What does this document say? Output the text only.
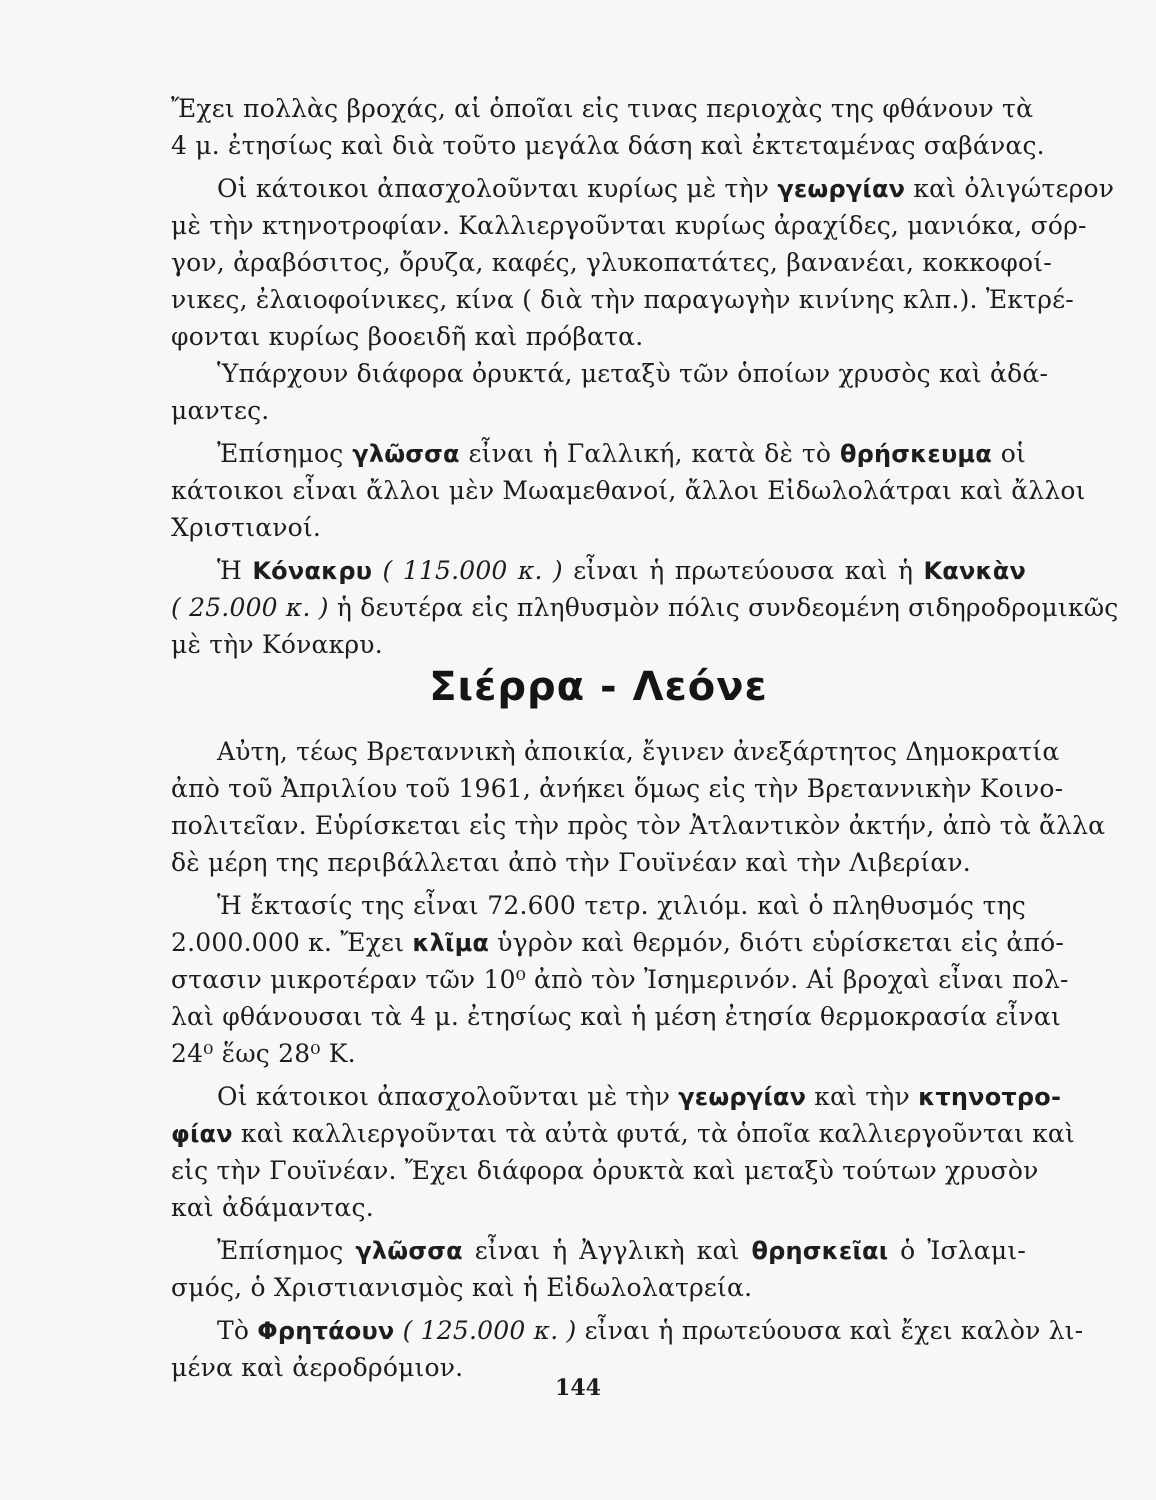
Ἔχει πολλὰς βροχάς, αἱ ὁποῖαι εἰς τινας περιοχὰς της φθάνουν τὰ
4 μ. ἐτησίως καὶ διὰ τοῦτο μεγάλα δάση καὶ ἐκτεταμένας σαβάνας.
Οἱ κάτοικοι ἀπασχολοῦνται κυρίως μὲ τὴν γεωργίαν καὶ ὀλιγώτερον
μὲ τὴν κτηνοτροφίαν. Καλλιεργοῦνται κυρίως ἀραχίδες, μανιόκα, σόρ-
γον, ἀραβόσιτος, ὄρυζα, καφές, γλυκοπατάτες, βανανέαι, κοκκοφοί-
νικες, ἐλαιοφοίνικες, κίνα ( διὰ τὴν παραγωγὴν κινίνης κλπ.). Ἐκτρέ-
φονται κυρίως βοοειδῆ καὶ πρόβατα.
Ὑπάρχουν διάφορα ὀρυκτά, μεταξὺ τῶν ὁποίων χρυσὸς καὶ ἀδά-
μαντες.
Ἐπίσημος γλῶσσα εἶναι ἡ Γαλλική, κατὰ δὲ τὸ θρήσκευμα οἱ
κάτοικοι εἶναι ἄλλοι μὲν Μωαμεθανοί, ἄλλοι Εἰδωλολάτραι καὶ ἄλλοι
Χριστιανοί.
Ἡ Κόνακρυ ( 115.000 κ. ) εἶναι ἡ πρωτεύουσα καὶ ἡ Κανκὰν
( 25.000 κ. ) ἡ δευτέρα εἰς πληθυσμὸν πόλις συνδεομένη σιδηροδρομικῶς
μὲ τὴν Κόνακρυ.
Σιέρρα - Λεόνε
Αὐτη, τέως Βρεταννικὴ ἀποικία, ἔγινεν ἀνεξάρτητος Δημοκρατία
ἀπὸ τοῦ Ἀπριλίου τοῦ 1961, ἀνήκει ὅμως εἰς τὴν Βρεταννικὴν Κοινο-
πολιτεῖαν. Εὑρίσκεται εἰς τὴν πρὸς τὸν Ἀτλαντικὸν ἀκτήν, ἀπὸ τὰ ἄλλα
δὲ μέρη της περιβάλλεται ἀπὸ τὴν Γουϊνέαν καὶ τὴν Λιβερίαν.
Ἡ ἔκτασίς της εἶναι 72.600 τετρ. χιλιόμ. καὶ ὁ πληθυσμός της
2.000.000 κ. Ἔχει κλῖμα ὑγρὸν καὶ θερμόν, διότι εὑρίσκεται εἰς ἀπό-
στασιν μικροτέραν τῶν 10⁰ ἀπὸ τὸν Ἰσημερινόν. Αἱ βροχαὶ εἶναι πολ-
λαὶ φθάνουσαι τὰ 4 μ. ἐτησίως καὶ ἡ μέση ἐτησία θερμοκρασία εἶναι
24⁰ ἕως 28⁰ Κ.
Οἱ κάτοικοι ἀπασχολοῦνται μὲ τὴν γεωργίαν καὶ τὴν κτηνοτρο-
φίαν καὶ καλλιεργοῦνται τὰ αὐτὰ φυτά, τὰ ὁποῖα καλλιεργοῦνται καὶ
εἰς τὴν Γουϊνέαν. Ἔχει διάφορα ὀρυκτὰ καὶ μεταξὺ τούτων χρυσὸν
καὶ ἀδάμαντας.
Ἐπίσημος γλῶσσα εἶναι ἡ Ἀγγλικὴ καὶ θρησκεῖαι ὁ Ἰσλαμι-
σμός, ὁ Χριστιανισμὸς καὶ ἡ Εἰδωλολατρεία.
Τὸ Φρητάουν ( 125.000 κ. ) εἶναι ἡ πρωτεύουσα καὶ ἔχει καλὸν λι-
μένα καὶ ἀεροδρόμιον.
144
